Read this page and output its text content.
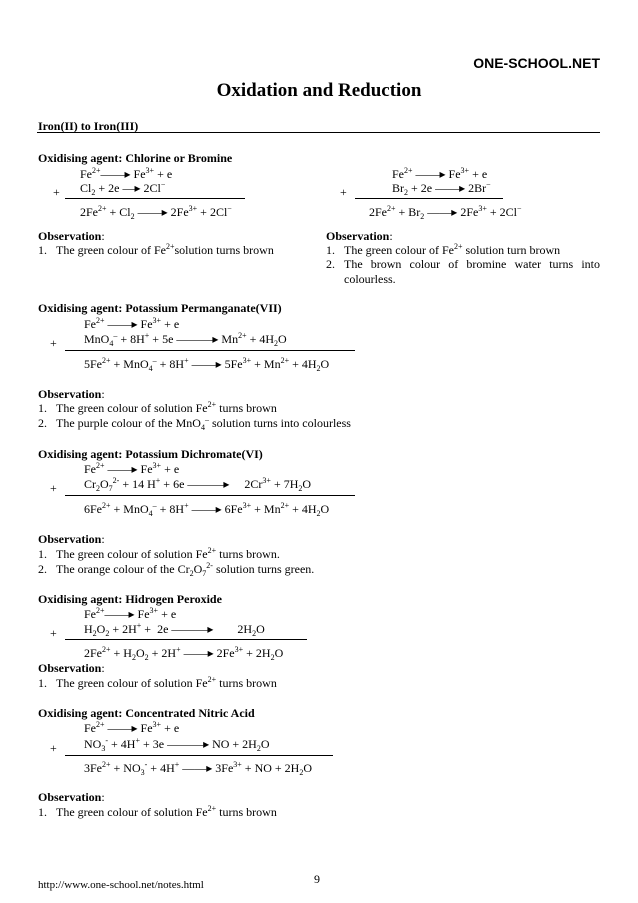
ONE-SCHOOL.NET
Oxidation and Reduction
Iron(II) to Iron(III)
Oxidising agent: Chlorine or Bromine
$Fe^{2+}——▸$ $Fe^{3+} + e$
+ $Cl_2 + 2e$ —▸ 2Cl−
$2Fe^{2+} + Cl_2$ ——▸ $2Fe^{3+} + 2Cl^-$
$Fe^{2+}$ ——▸ $Fe^{3+} + e$
+	$Br_2 + 2e$ ——▸ 2Br−
$2Fe^{2+} + Br_2$ ——▸ $2Fe^{3+} + 2Cl^-$
Observation:
1. The green colour of $Fe^{2+}solution$ turns brown
Observation:
1. The green colour of $Fe^{2+}$ solution turn brown
2. The brown colour of bromine water turns into colourless.
Oxidising agent: Potassium Permanganate(VII)
$Fe^{2+}$ ——▸ $Fe^{3+} + e$
+ MnO$_4$– + 8H+ + 5e ———▸ $Mn^{2+} + 4H_2O$
$5Fe^{2+} + MnO_4^- + 8H^+$ ——▸ $5Fe^{3+} + Mn^{2+} + 4H_2O$
Observation:
1. The green colour of solution $Fe^{2+}$ turns brown
2. The purple colour of the MnO$_4$– solution turns into colourless
Oxidising agent: Potassium Dichromate(VI)
$Fe^{2+}$ ——▸ $Fe^{3+} + e$
+ $Cr_2O_7^{2-} + 14$ H+ + 6e ———▸     $2Cr^{3+} + 7H_2O$
$6Fe^{2+} + MnO_4^- + 8H^+$ ——▸ $6Fe^{3+} + Mn^{2+} + 4H_2O$
Observation:
1. The green colour of solution $Fe^{2+}$ turns brown.
2. The orange colour of the $Cr_2O_7^{2-}$ solution turns green.
Oxidising agent: Hidrogen Peroxide
$Fe^{2+}——▸$ $Fe^{3+} + e$
+ $H_2O_2 + 2H^+ + 2e$ ———▸        $2H_2O$
$2Fe^{2+} + H_2O_2 + 2H^+$ ——▸ $2Fe^{3+} + 2H_2O$
Observation:
1. The green colour of solution $Fe^{2+}$ turns brown
Oxidising agent: Concentrated Nitric Acid
$Fe^{2+}$ ——▸ $Fe^{3+} + e$
+ $NO_3^- + 4H^+ + 3e$ ———▸ NO + $2H_2O$
$3Fe^{2+} + NO_3^- + 4H^+$ ——▸ $3Fe^{3+}$ + NO + $2H_2O$
Observation:
1. The green colour of solution $Fe^{2+}$ turns brown
http://www.one-school.net/notes.html	9
